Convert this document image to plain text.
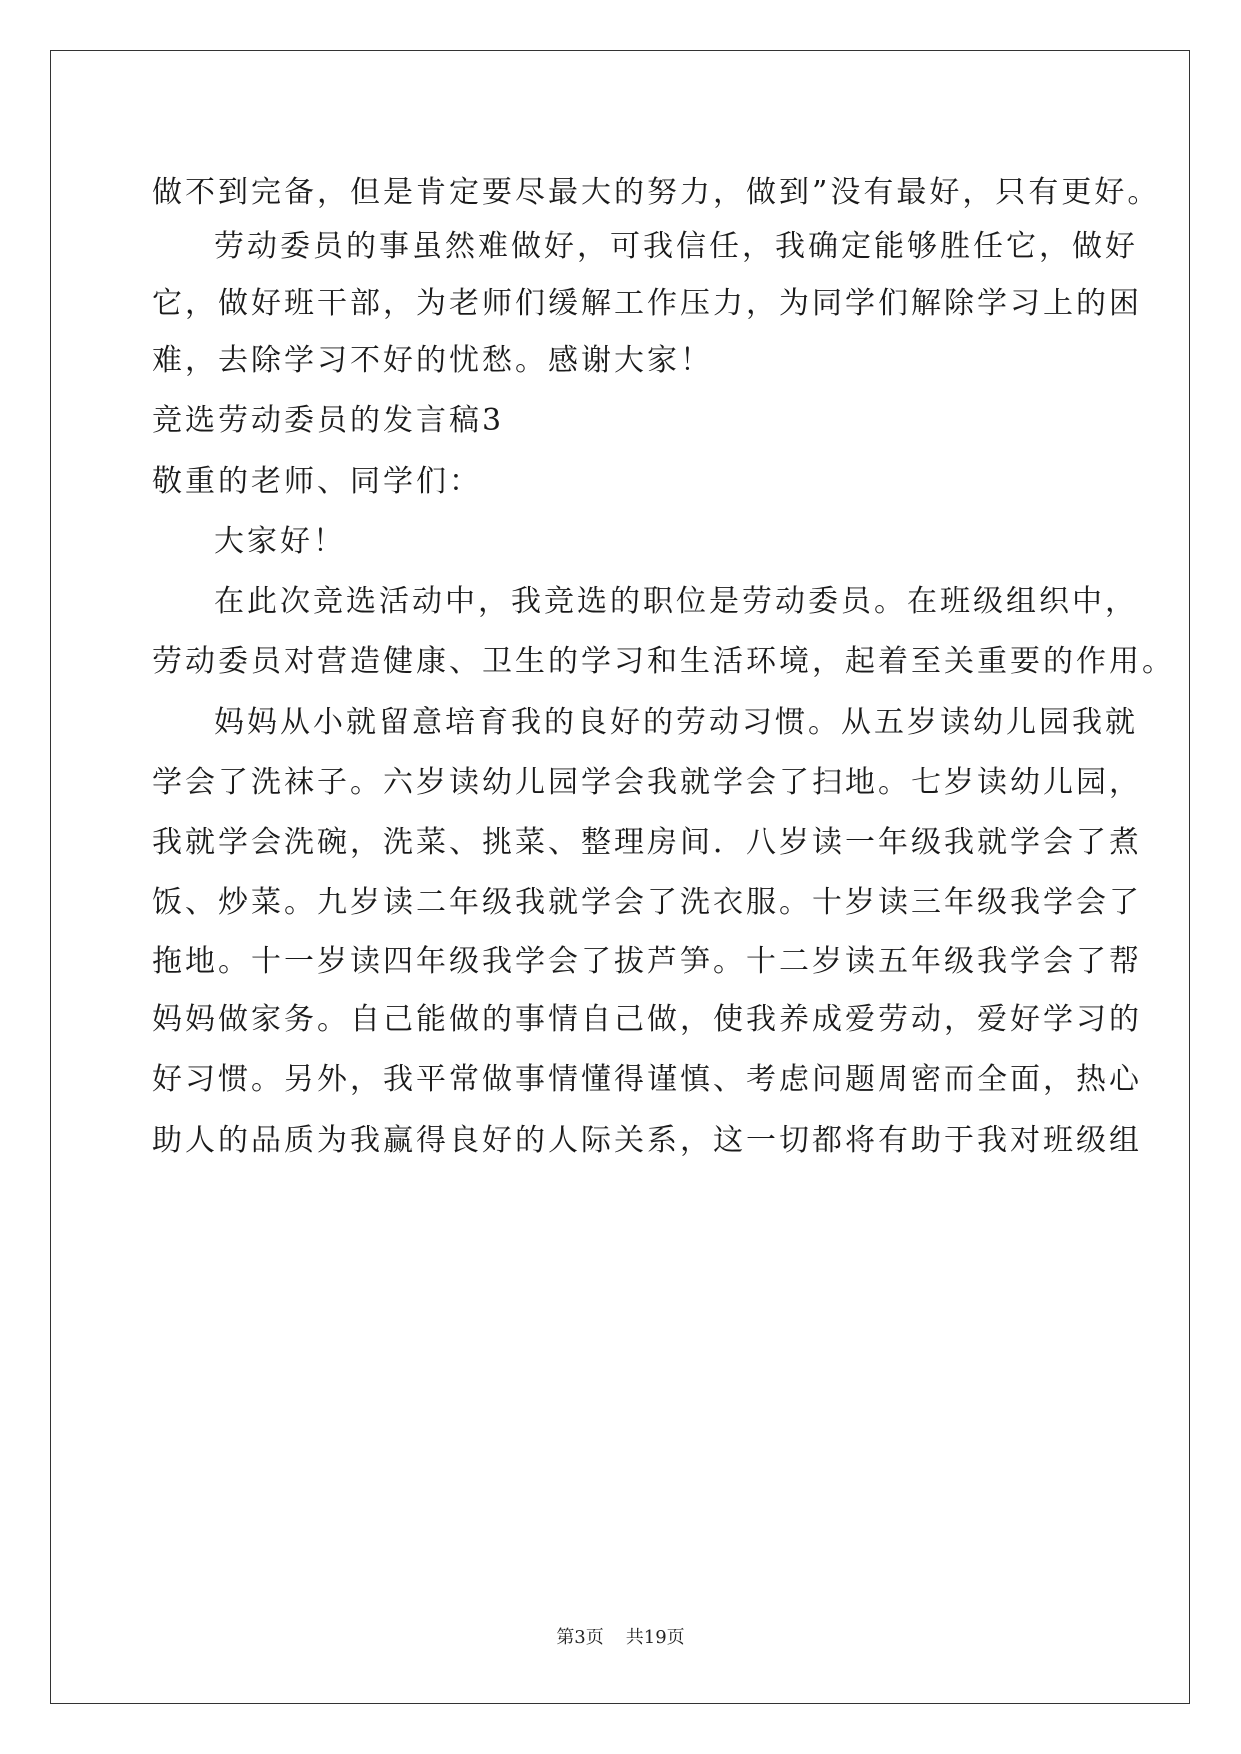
做不到完备，但是肯定要尽最大的努力，做到”没有最好，只有更好。
劳动委员的事虽然难做好，可我信任，我确定能够胜任它，做好
它，做好班干部，为老师们缓解工作压力，为同学们解除学习上的困
难，去除学习不好的忧愁。感谢大家！
竞选劳动委员的发言稿3
敬重的老师、同学们：
大家好！
在此次竞选活动中，我竞选的职位是劳动委员。在班级组织中，
劳动委员对营造健康、卫生的学习和生活环境，起着至关重要的作用。
妈妈从小就留意培育我的良好的劳动习惯。从五岁读幼儿园我就
学会了洗袜子。六岁读幼儿园学会我就学会了扫地。七岁读幼儿园，
我就学会洗碗，洗菜、挑菜、整理房间．八岁读一年级我就学会了煮
饭、炒菜。九岁读二年级我就学会了洗衣服。十岁读三年级我学会了
拖地。十一岁读四年级我学会了拔芦笋。十二岁读五年级我学会了帮
妈妈做家务。自己能做的事情自己做，使我养成爱劳动，爱好学习的
好习惯。另外，我平常做事情懂得谨慎、考虑问题周密而全面，热心
助人的品质为我赢得良好的人际关系，这一切都将有助于我对班级组
第3页 共19页
